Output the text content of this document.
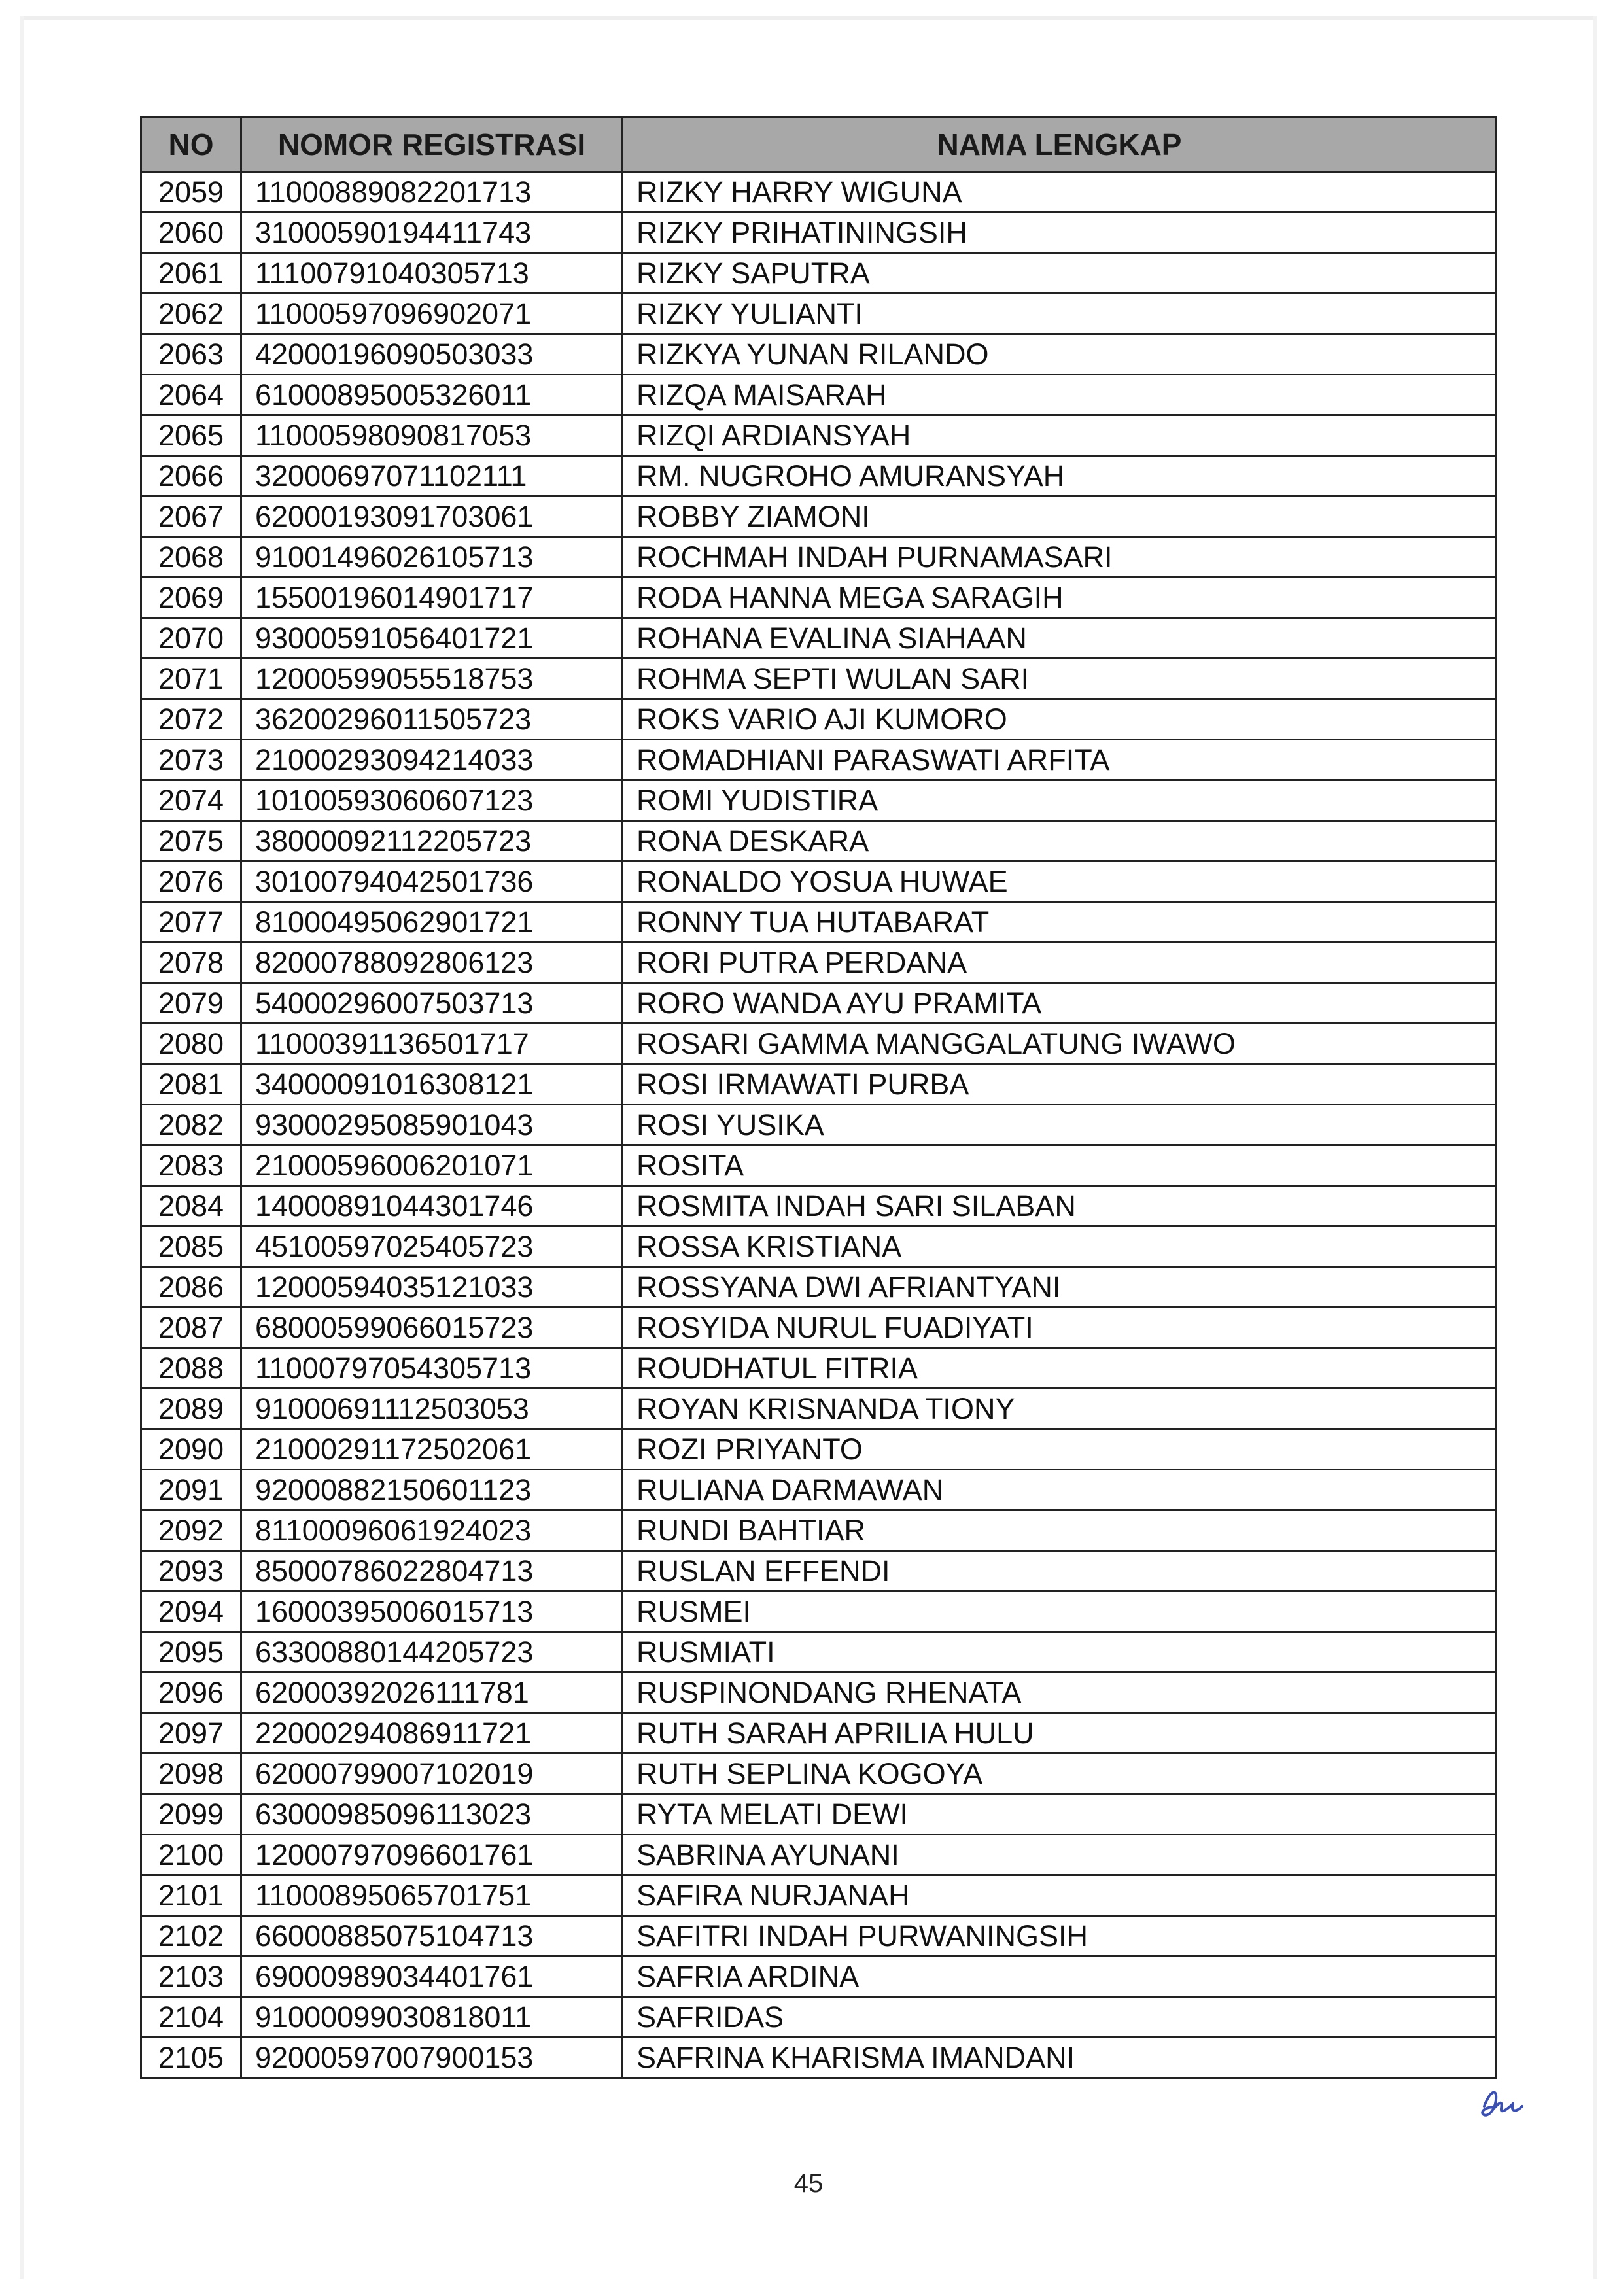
NO	NOMOR REGISTRASI	NAMA LENGKAP
2059	11000889082201713	RIZKY HARRY WIGUNA
2060	31000590194411743	RIZKY PRIHATININGSIH
2061	11100791040305713	RIZKY SAPUTRA
2062	11000597096902071	RIZKY YULIANTI
2063	42000196090503033	RIZKYA YUNAN RILANDO
2064	61000895005326011	RIZQA MAISARAH
2065	11000598090817053	RIZQI ARDIANSYAH
2066	32000697071102111	RM. NUGROHO AMURANSYAH
2067	62000193091703061	ROBBY ZIAMONI
2068	91001496026105713	ROCHMAH INDAH PURNAMASARI
2069	15500196014901717	RODA HANNA MEGA SARAGIH
2070	93000591056401721	ROHANA EVALINA SIAHAAN
2071	12000599055518753	ROHMA SEPTI WULAN SARI
2072	36200296011505723	ROKS VARIO AJI KUMORO
2073	21000293094214033	ROMADHIANI PARASWATI ARFITA
2074	10100593060607123	ROMI YUDISTIRA
2075	38000092112205723	RONA DESKARA
2076	30100794042501736	RONALDO YOSUA HUWAE
2077	81000495062901721	RONNY TUA HUTABARAT
2078	82000788092806123	RORI PUTRA PERDANA
2079	54000296007503713	RORO WANDA AYU PRAMITA
2080	11000391136501717	ROSARI GAMMA MANGGALATUNG IWAWO
2081	34000091016308121	ROSI IRMAWATI PURBA
2082	93000295085901043	ROSI YUSIKA
2083	21000596006201071	ROSITA
2084	14000891044301746	ROSMITA INDAH SARI SILABAN
2085	45100597025405723	ROSSA KRISTIANA
2086	12000594035121033	ROSSYANA DWI AFRIANTYANI
2087	68000599066015723	ROSYIDA NURUL FUADIYATI
2088	11000797054305713	ROUDHATUL FITRIA
2089	91000691112503053	ROYAN KRISNANDA TIONY
2090	21000291172502061	ROZI PRIYANTO
2091	92000882150601123	RULIANA DARMAWAN
2092	81100096061924023	RUNDI BAHTIAR
2093	85000786022804713	RUSLAN EFFENDI
2094	16000395006015713	RUSMEI
2095	63300880144205723	RUSMIATI
2096	62000392026111781	RUSPINONDANG RHENATA
2097	22000294086911721	RUTH SARAH APRILIA HULU
2098	62000799007102019	RUTH SEPLINA KOGOYA
2099	63000985096113023	RYTA MELATI DEWI
2100	12000797096601761	SABRINA AYUNANI
2101	11000895065701751	SAFIRA NURJANAH
2102	66000885075104713	SAFITRI INDAH PURWANINGSIH
2103	69000989034401761	SAFRIA ARDINA
2104	91000099030818011	SAFRIDAS
2105	92000597007900153	SAFRINA KHARISMA IMANDANI
45
